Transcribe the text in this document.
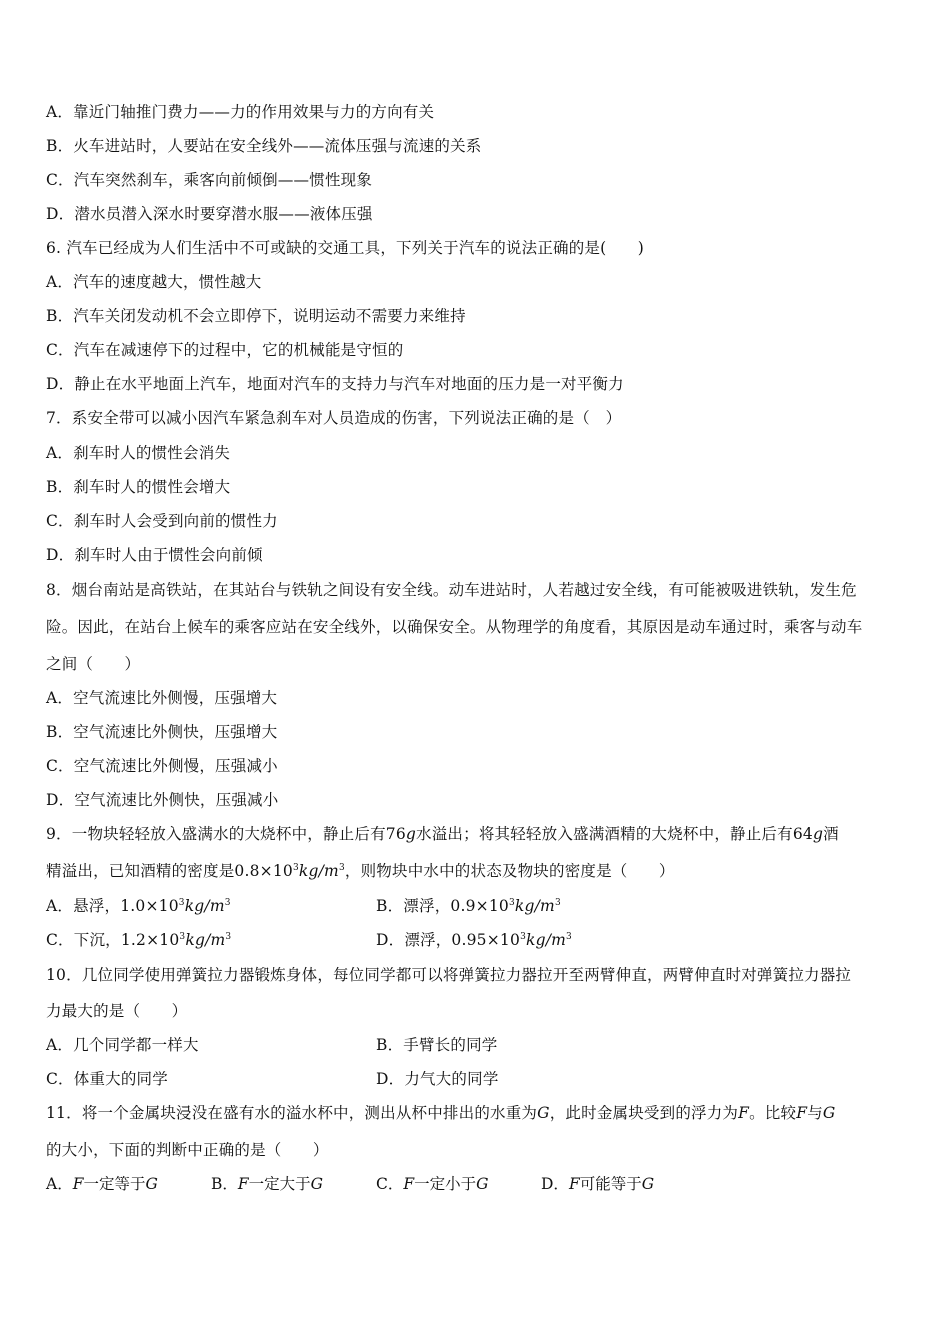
A．靠近门轴推门费力——力的作用效果与力的方向有关
B．火车进站时，人要站在安全线外——流体压强与流速的关系
C．汽车突然刹车，乘客向前倾倒——惯性现象
D．潜水员潜入深水时要穿潜水服——液体压强
6. 汽车已经成为人们生活中不可或缺的交通工具，下列关于汽车的说法正确的是(　　)
A．汽车的速度越大，惯性越大
B．汽车关闭发动机不会立即停下，说明运动不需要力来维持
C．汽车在减速停下的过程中，它的机械能是守恒的
D．静止在水平地面上汽车，地面对汽车的支持力与汽车对地面的压力是一对平衡力
7．系安全带可以减小因汽车紧急刹车对人员造成的伤害，下列说法正确的是（　）
A．刹车时人的惯性会消失
B．刹车时人的惯性会增大
C．刹车时人会受到向前的惯性力
D．刹车时人由于惯性会向前倾
8．烟台南站是高铁站，在其站台与铁轨之间设有安全线。动车进站时，人若越过安全线，有可能被吸进铁轨，发生危
险。因此，在站台上候车的乘客应站在安全线外，以确保安全。从物理学的角度看，其原因是动车通过时，乘客与动车
之间（　　）
A．空气流速比外侧慢，压强增大
B．空气流速比外侧快，压强增大
C．空气流速比外侧慢，压强减小
D．空气流速比外侧快，压强减小
9．一物块轻轻放入盛满水的大烧杯中，静止后有76g水溢出；将其轻轻放入盛满酒精的大烧杯中，静止后有64g酒
精溢出，已知酒精的密度是$0.8\times 10^3kg/m^3$，则物块中水中的状态及物块的密度是（　　）
A．悬浮，$1.0\times 10^3kg/m^3$	B．漂浮，$0.9\times 10^3kg/m^3$
C．下沉，$1.2\times 10^3kg/m^3$	D．漂浮，$0.95\times 10^3kg/m^3$
10．几位同学使用弹簧拉力器锻炼身体，每位同学都可以将弹簧拉力器拉开至两臂伸直，两臂伸直时对弹簧拉力器拉
力最大的是（　　）
A．几个同学都一样大	B．手臂长的同学
C．体重大的同学	D．力气大的同学
11．将一个金属块浸没在盛有水的溢水杯中，测出从杯中排出的水重为G，此时金属块受到的浮力为F。比较F与G
的大小，下面的判断中正确的是（　　）
A．F一定等于G	B．F一定大于G	C．F一定小于G	D．F可能等于G
